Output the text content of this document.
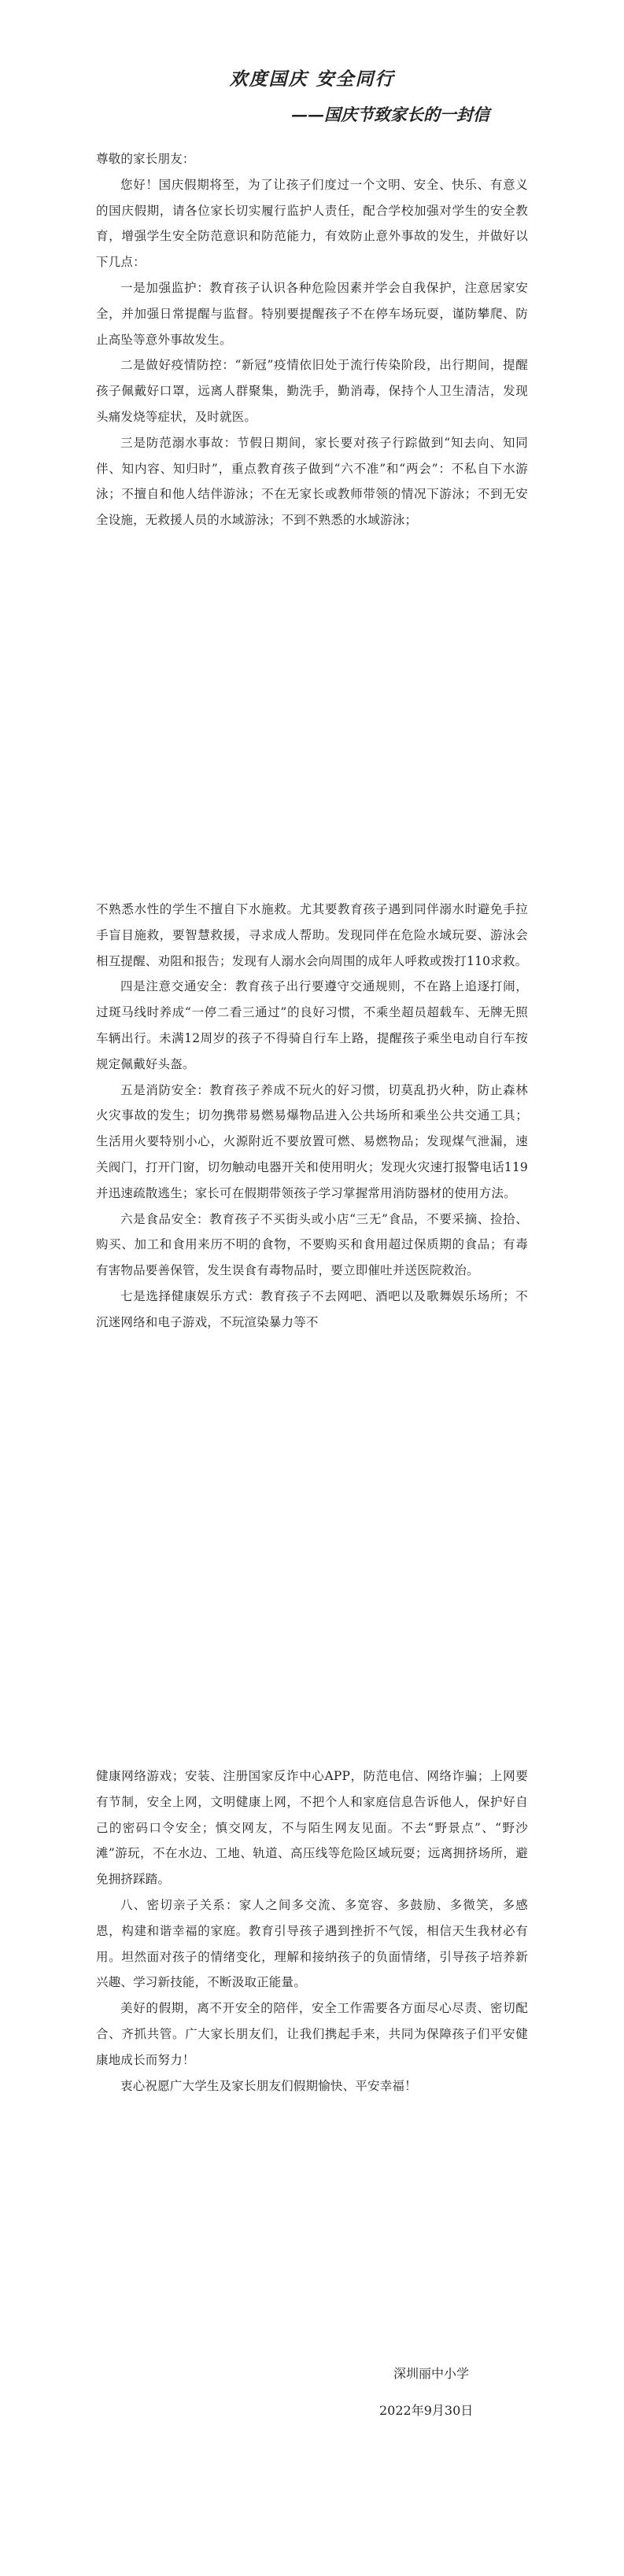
欢度国庆 安全同行
——国庆节致家长的一封信

尊敬的家长朋友：

您好！国庆假期将至，为了让孩子们度过一个文明、安全、快乐、有意义的国庆假期，请各位家长切实履行监护人责任，配合学校加强对学生的安全教育，增强学生安全防范意识和防范能力，有效防止意外事故的发生，并做好以下几点：

一是加强监护：教育孩子认识各种危险因素并学会自我保护，注意居家安全，并加强日常提醒与监督。特别要提醒孩子不在停车场玩耍，谨防攀爬、防止高坠等意外事故发生。

二是做好疫情防控：“新冠”疫情依旧处于流行传染阶段，出行期间，提醒孩子佩戴好口罩，远离人群聚集，勤洗手，勤消毒，保持个人卫生清洁，发现头痛发烧等症状，及时就医。

三是防范溺水事故：节假日期间，家长要对孩子行踪做到“知去向、知同伴、知内容、知归时”，重点教育孩子做到“六不准”和“两会”：不私自下水游泳；不擅自和他人结伴游泳；不在无家长或教师带领的情况下游泳；不到无安全设施，无救援人员的水域游泳；不到不熟悉的水域游泳；

不熟悉水性的学生不擅自下水施救。尤其要教育孩子遇到同伴溺水时避免手拉手盲目施救，要智慧救援，寻求成人帮助。发现同伴在危险水域玩耍、游泳会相互提醒、劝阻和报告；发现有人溺水会向周围的成年人呼救或拨打110求救。

四是注意交通安全：教育孩子出行要遵守交通规则，不在路上追逐打闹，过斑马线时养成“一停二看三通过”的良好习惯，不乘坐超员超载车、无牌无照车辆出行。未满12周岁的孩子不得骑自行车上路，提醒孩子乘坐电动自行车按规定佩戴好头盔。

五是消防安全：教育孩子养成不玩火的好习惯，切莫乱扔火种，防止森林火灾事故的发生；切勿携带易燃易爆物品进入公共场所和乘坐公共交通工具；生活用火要特别小心，火源附近不要放置可燃、易燃物品；发现煤气泄漏，速关阀门，打开门窗，切勿触动电器开关和使用明火；发现火灾速打报警电话119并迅速疏散逃生；家长可在假期带领孩子学习掌握常用消防器材的使用方法。

六是食品安全：教育孩子不买街头或小店“三无”食品，不要采摘、捡拾、购买、加工和食用来历不明的食物，不要购买和食用超过保质期的食品；有毒有害物品要善保管，发生误食有毒物品时，要立即催吐并送医院救治。

七是选择健康娱乐方式：教育孩子不去网吧、酒吧以及歌舞娱乐场所；不沉迷网络和电子游戏，不玩渲染暴力等不

健康网络游戏；安装、注册国家反诈中心APP，防范电信、网络诈骗；上网要有节制，安全上网，文明健康上网，不把个人和家庭信息告诉他人，保护好自己的密码口令安全；慎交网友，不与陌生网友见面。不去“野景点”、“野沙滩”游玩，不在水边、工地、轨道、高压线等危险区域玩耍；远离拥挤场所，避免拥挤踩踏。

八、密切亲子关系：家人之间多交流、多宽容、多鼓励、多微笑，多感恩，构建和谐幸福的家庭。教育引导孩子遇到挫折不气馁，相信天生我材必有用。坦然面对孩子的情绪变化，理解和接纳孩子的负面情绪，引导孩子培养新兴趣、学习新技能，不断汲取正能量。

美好的假期，离不开安全的陪伴，安全工作需要各方面尽心尽责、密切配合、齐抓共管。广大家长朋友们，让我们携起手来，共同为保障孩子们平安健康地成长而努力！

衷心祝愿广大学生及家长朋友们假期愉快、平安幸福！

深圳丽中小学
2022年9月30日
